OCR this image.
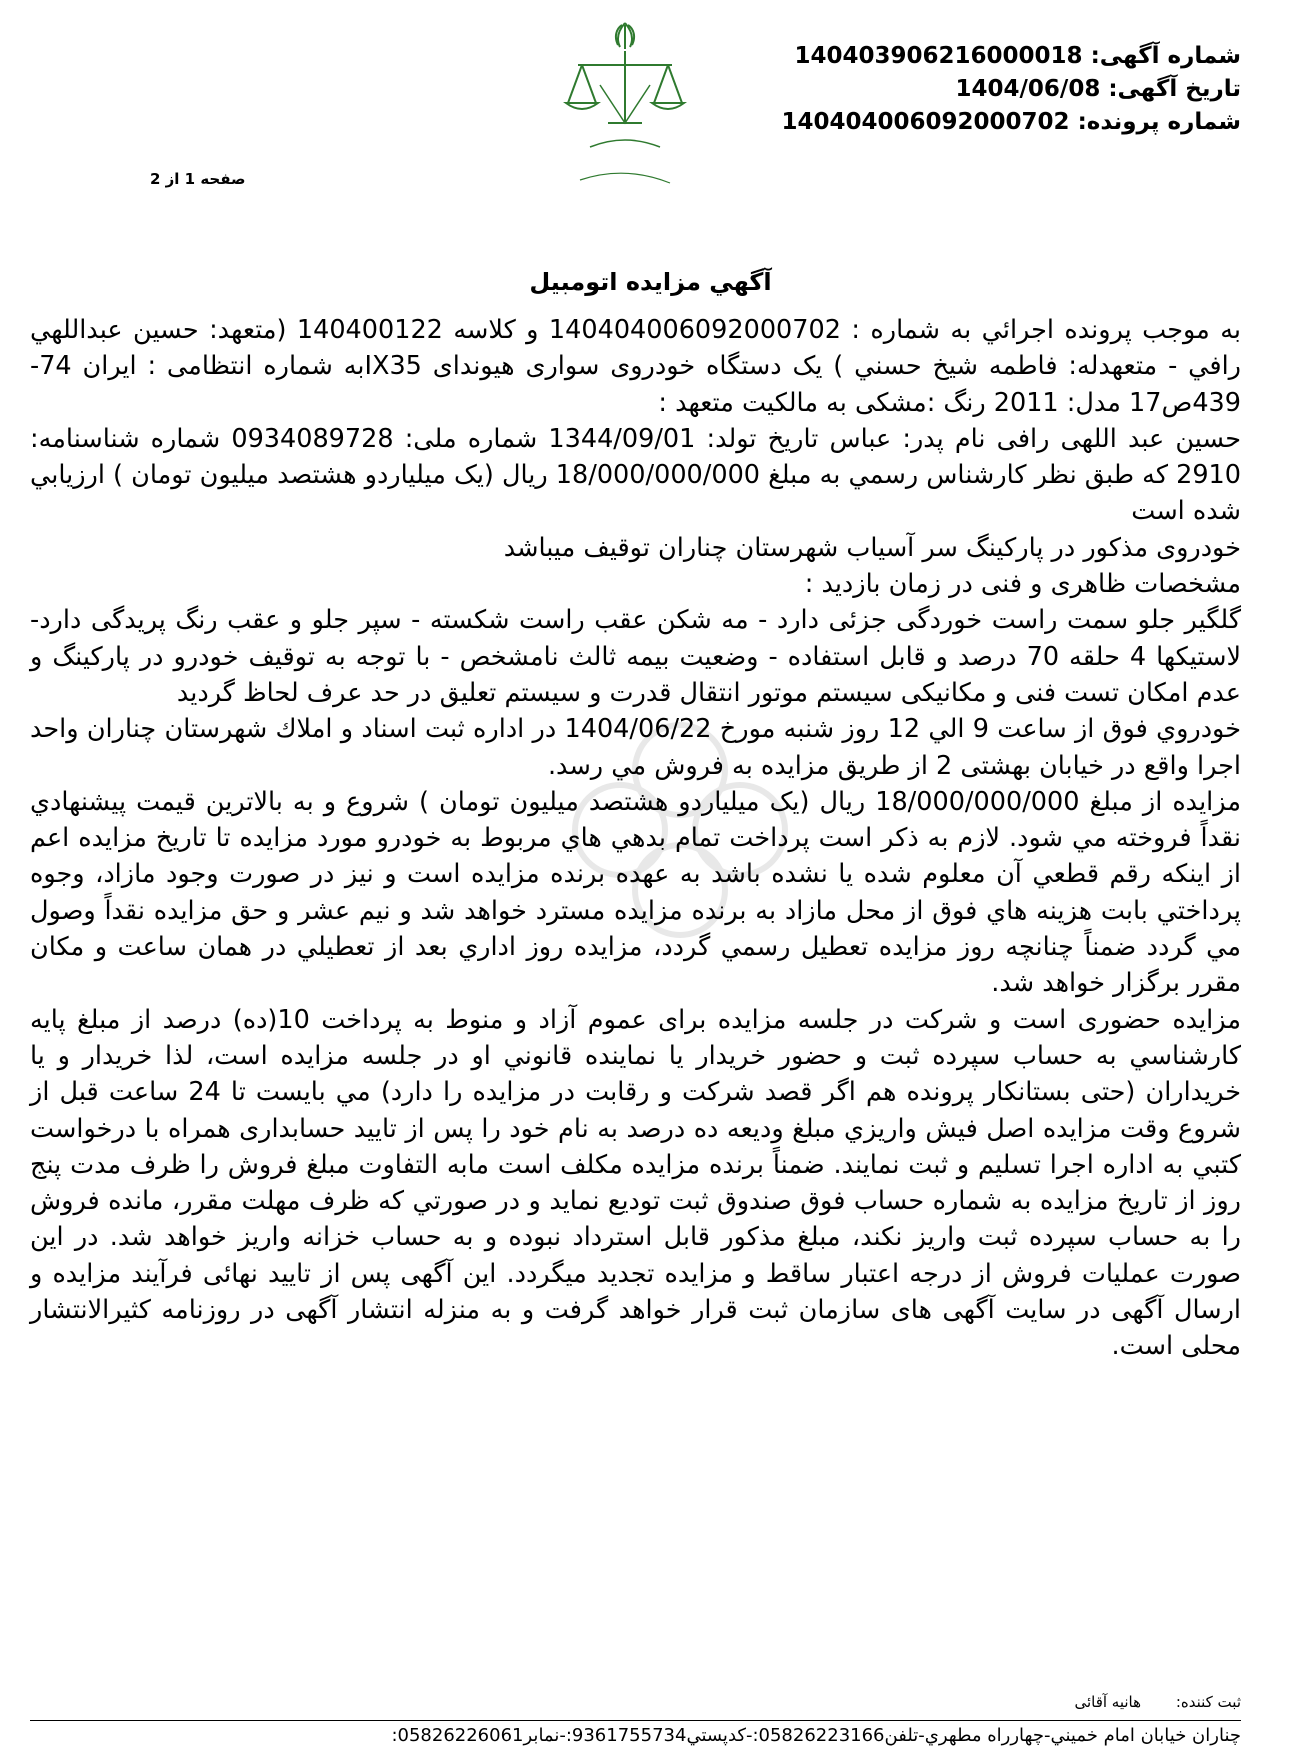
شماره آگهی: 140403906216000018
تاریخ آگهی: 1404/06/08
شماره پرونده: 140404006092000702
صفحه 1 از 2
آگهي مزايده اتومبيل

به موجب پرونده اجرائي به شماره : 140404006092000702 و کلاسه 140400122 (متعهد: حسين عبداللهي رافي - متعهدله: فاطمه شيخ حسني ) يک دستگاه خودروی سواری هیوندای IX35به شماره انتظامی : ایران 74-439ص17 مدل: 2011 رنگ :مشکی به مالکیت متعهد :

حسین عبد اللهی رافی نام پدر: عباس تاریخ تولد: 1344/09/01 شماره ملی: 0934089728 شماره شناسنامه: 2910 که طبق نظر کارشناس رسمي به مبلغ 18/000/000/000 ريال (یک میلیاردو هشتصد میلیون تومان ) ارزيابي شده است

خودروی مذکور در پارکینگ سر آسیاب شهرستان چناران توقیف میباشد

مشخصات ظاهری و فنی در زمان بازدید :

گلگیر جلو سمت راست خوردگی جزئی دارد - مه شکن عقب راست شکسته - سپر جلو و عقب رنگ پریدگی دارد- لاستیکها 4 حلقه 70 درصد و قابل استفاده - وضعیت بیمه ثالث نامشخص - با توجه به توقیف خودرو در پارکینگ و عدم امکان تست فنی و مکانیکی سیستم موتور انتقال قدرت و سیستم تعلیق در حد عرف لحاظ گردید

خودروي فوق از ساعت 9 الي 12 روز شنبه مورخ 1404/06/22 در اداره ثبت اسناد و املاك شهرستان چناران واحد اجرا واقع در خیابان بهشتی 2 از طريق مزايده به فروش مي رسد.

مزايده از مبلغ 18/000/000/000 ريال (یک میلیاردو هشتصد میلیون تومان ) شروع و به بالاترين قيمت پيشنهادي نقداً فروخته مي شود. لازم به ذکر است پرداخت تمام بدهي هاي مربوط به خودرو مورد مزايده تا تاريخ مزايده اعم از اينکه رقم قطعي آن معلوم شده يا نشده باشد به عهده برنده مزايده است و نيز در صورت وجود مازاد، وجوه پرداختي بابت هزينه هاي فوق از محل مازاد به برنده مزايده مسترد خواهد شد و نيم عشر و حق مزايده نقداً وصول مي گردد ضمناً چنانچه روز مزايده تعطيل رسمي گردد، مزايده روز اداري بعد از تعطيلي در همان ساعت و مکان مقرر برگزار خواهد شد.

مزایده حضوری است و شرکت در جلسه مزایده برای عموم آزاد و منوط به پرداخت 10(ده) درصد از مبلغ پايه کارشناسي به حساب سپرده ثبت و حضور خريدار يا نماينده قانوني او در جلسه مزايده است، لذا خريدار و يا خريداران (حتی بستانکار پرونده هم اگر قصد شرکت و رقابت در مزايده را دارد) مي بايست تا 24 ساعت قبل از شروع وقت مزايده اصل فيش واريزي مبلغ وديعه ده درصد به نام خود را پس از تاييد حسابداری همراه با درخواست کتبي به اداره اجرا تسليم و ثبت نمايند. ضمناً برنده مزايده مکلف است مابه التفاوت مبلغ فروش را ظرف مدت پنج روز از تاريخ مزايده به شماره حساب فوق صندوق ثبت توديع نمايد و در صورتي که ظرف مهلت مقرر، مانده فروش را به حساب سپرده ثبت واريز نکند، مبلغ مذکور قابل استرداد نبوده و به حساب خزانه واريز خواهد شد. در اين صورت عمليات فروش از درجه اعتبار ساقط و مزايده تجديد ميگردد. این آگهی پس از تایید نهائی فرآیند مزایده و ارسال آگهی در سایت آگهی های سازمان ثبت قرار خواهد گرفت و به منزله انتشار آگهی در روزنامه کثیرالانتشار محلی است.

ثبت کننده: هانیه آقائی
چناران خيابان امام خميني-چهارراه مطهري-تلفن05826223166:-کدپستي9361755734:-نمابر05826226061:
